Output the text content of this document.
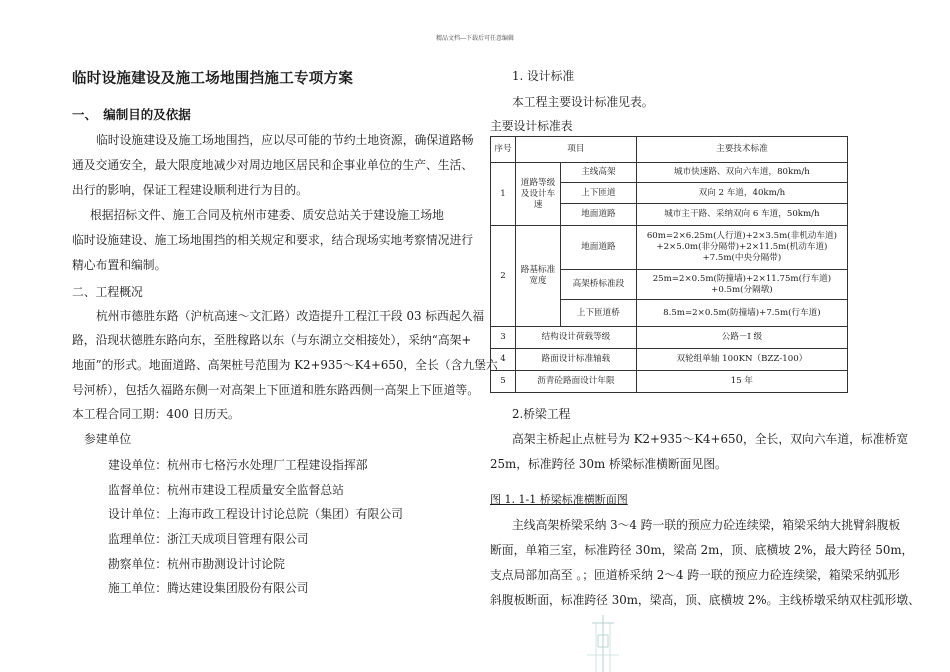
精品文档---下载后可任意编辑
临时设施建设及施工场地围挡施工专项方案
一、　编制目的及依据
临时设施建设及施工场地围挡，应以尽可能的节约土地资源，确保道路畅
通及交通安全，最大限度地减少对周边地区居民和企事业单位的生产、生活、
出行的影响，保证工程建设顺利进行为目的。
根据招标文件、施工合同及杭州市建委、质安总站关于建设施工场地
临时设施建设、施工场地围挡的相关规定和要求，结合现场实地考察情况进行
精心布置和编制。
二、工程概况
杭州市德胜东路（沪杭高速～文汇路）改造提升工程江干段 03 标西起久福
路，沿现状德胜东路向东，至胜稼路以东（与东湖立交相接处），采纳“高架+
地面”的形式。地面道路、高架桩号范围为 K2+935～K4+650，全长（含九堡六
号河桥），包括久福路东侧一对高架上下匝道和胜东路西侧一高架上下匝道等。
本工程合同工期：400 日历天。
参建单位
建设单位：杭州市七格污水处理厂工程建设指挥部
监督单位：杭州市建设工程质量安全监督总站
设计单位：上海市政工程设计讨论总院（集团）有限公司
监理单位：浙江天成项目管理有限公司
勘察单位：杭州市勘测设计讨论院
施工单位：腾达建设集团股份有限公司
1. 设计标准
本工程主要设计标准见表。
主要设计标准表
序号	项目		主要技术标准
1	道路等级及设计车速	主线高架	城市快速路、双向六车道，80km/h
		上下匝道	双向 2 车道，40km/h
		地面道路	城市主干路、采纳双向 6 车道，50km/h
2	路基标准宽度	地面道路	60m=2×6.25m(人行道)+2×3.5m(非机动车道)
+2×5.0m(非分隔带)+2×11.5m(机动车道)
+7.5m(中央分隔带)

		高架桥标准段	25m=2×0.5m(防撞墙)+2×11.75m(行车道)
+0.5m(分隔墩)

		上下匝道桥	8.5m=2×0.5m(防撞墙)+7.5m(行车道)
3	结构设计荷载等级		公路－Ⅰ 级
4	路面设计标准轴载		双轮组单轴 100KN（BZZ-100）
5	沥青砼路面设计年限		15 年
2.桥梁工程
高架主桥起止点桩号为 K2+935～K4+650，全长，双向六车道，标准桥宽
25m，标准跨径 30m 桥梁标准横断面见图。
图 1. 1-1 桥梁标准横断面图
主线高架桥梁采纳 3～4 跨一联的预应力砼连续梁，箱梁采纳大挑臂斜腹板
断面，单箱三室，标准跨径 30m，梁高 2m，顶、底横坡 2%，最大跨径 50m，
支点局部加高至 。；匝道桥采纳 2～4 跨一联的预应力砼连续梁，箱梁采纳弧形
斜腹板断面，标准跨径 30m，梁高，顶、底横坡 2%。主线桥墩采纳双柱弧形墩、
